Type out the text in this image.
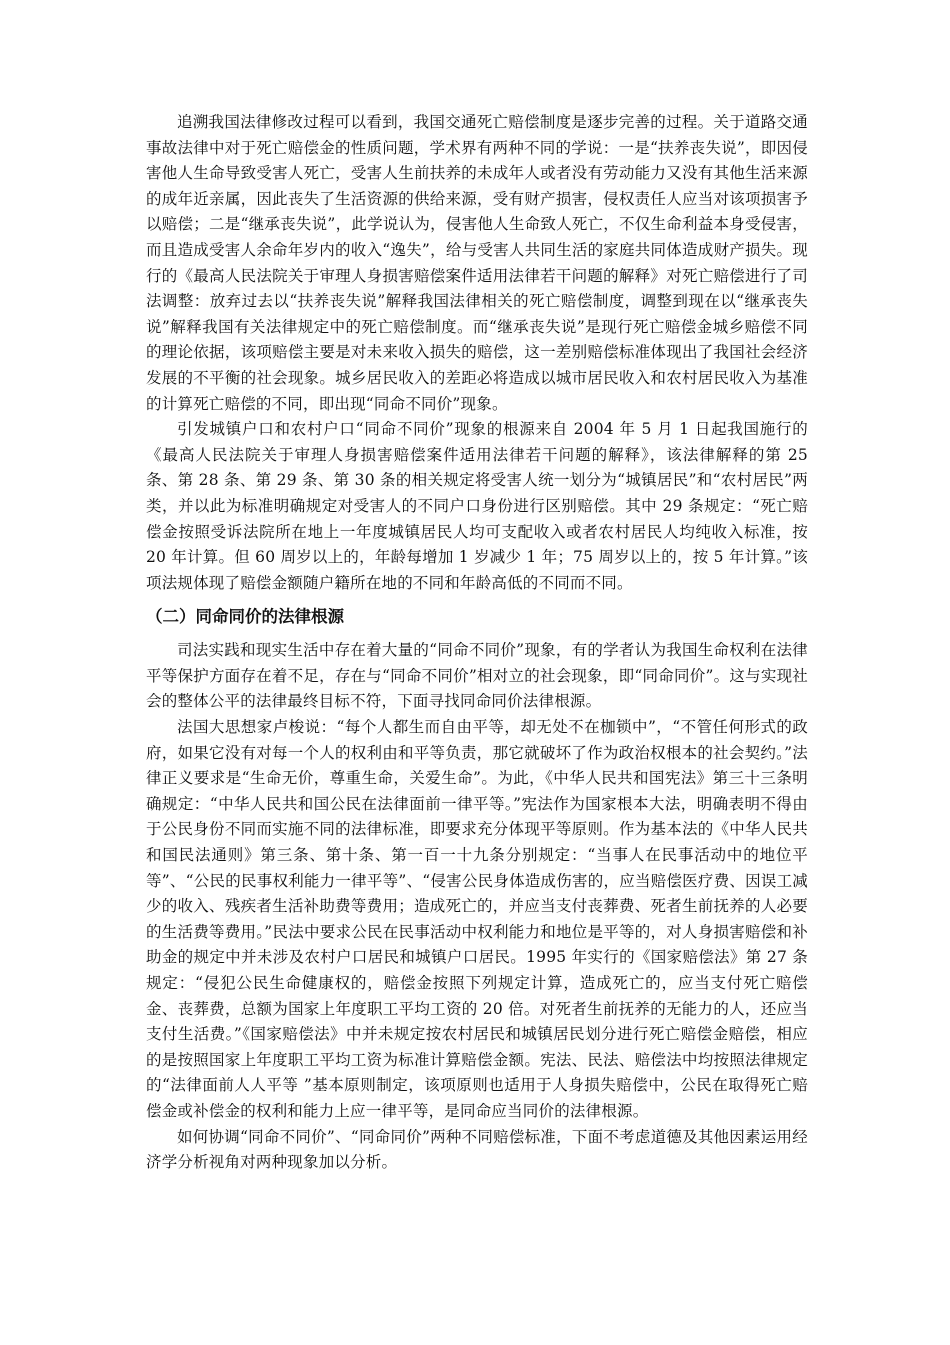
追溯我国法律修改过程可以看到，我国交通死亡赔偿制度是逐步完善的过程。关于道路交通事故法律中对于死亡赔偿金的性质问题，学术界有两种不同的学说：一是“扶养丧失说”，即因侵害他人生命导致受害人死亡，受害人生前扶养的未成年人或者没有劳动能力又没有其他生活来源的成年近亲属，因此丧失了生活资源的供给来源，受有财产损害，侵权责任人应当对该项损害予以赔偿；二是“继承丧失说”，此学说认为，侵害他人生命致人死亡，不仅生命利益本身受侵害，而且造成受害人余命年岁内的收入“逸失”，给与受害人共同生活的家庭共同体造成财产损失。现行的《最高人民法院关于审理人身损害赔偿案件适用法律若干问题的解释》对死亡赔偿进行了司法调整：放弃过去以“扶养丧失说”解释我国法律相关的死亡赔偿制度，调整到现在以“继承丧失说”解释我国有关法律规定中的死亡赔偿制度。而“继承丧失说”是现行死亡赔偿金城乡赔偿不同的理论依据，该项赔偿主要是对未来收入损失的赔偿，这一差别赔偿标准体现出了我国社会经济发展的不平衡的社会现象。城乡居民收入的差距必将造成以城市居民收入和农村居民收入为基准的计算死亡赔偿的不同，即出现“同命不同价”现象。

引发城镇户口和农村户口“同命不同价”现象的根源来自 2004 年 5 月 1 日起我国施行的《最高人民法院关于审理人身损害赔偿案件适用法律若干问题的解释》，该法律解释的第 25 条、第 28 条、第 29 条、第 30 条的相关规定将受害人统一划分为“城镇居民”和“农村居民”两类，并以此为标准明确规定对受害人的不同户口身份进行区别赔偿。其中 29 条规定：“死亡赔偿金按照受诉法院所在地上一年度城镇居民人均可支配收入或者农村居民人均纯收入标准，按 20 年计算。但 60 周岁以上的，年龄每增加 1 岁减少 1 年；75 周岁以上的，按 5 年计算。”该项法规体现了赔偿金额随户籍所在地的不同和年龄高低的不同而不同。

（二）同命同价的法律根源

司法实践和现实生活中存在着大量的“同命不同价”现象，有的学者认为我国生命权利在法律平等保护方面存在着不足，存在与“同命不同价”相对立的社会现象，即“同命同价”。这与实现社会的整体公平的法律最终目标不符，下面寻找同命同价法律根源。

法国大思想家卢梭说：“每个人都生而自由平等，却无处不在枷锁中”，“不管任何形式的政府，如果它没有对每一个人的权利由和平等负责，那它就破坏了作为政治权根本的社会契约。”法律正义要求是“生命无价，尊重生命，关爱生命”。为此，《中华人民共和国宪法》第三十三条明确规定：“中华人民共和国公民在法律面前一律平等。”宪法作为国家根本大法，明确表明不得由于公民身份不同而实施不同的法律标准，即要求充分体现平等原则。作为基本法的《中华人民共和国民法通则》第三条、第十条、第一百一十九条分别规定：“当事人在民事活动中的地位平等”、“公民的民事权利能力一律平等”、“侵害公民身体造成伤害的，应当赔偿医疗费、因误工减少的收入、残疾者生活补助费等费用；造成死亡的，并应当支付丧葬费、死者生前抚养的人必要的生活费等费用。”民法中要求公民在民事活动中权利能力和地位是平等的，对人身损害赔偿和补助金的规定中并未涉及农村户口居民和城镇户口居民。1995 年实行的《国家赔偿法》第 27 条规定：“侵犯公民生命健康权的，赔偿金按照下列规定计算，造成死亡的，应当支付死亡赔偿金、丧葬费，总额为国家上年度职工平均工资的 20 倍。对死者生前抚养的无能力的人，还应当支付生活费。”《国家赔偿法》中并未规定按农村居民和城镇居民划分进行死亡赔偿金赔偿，相应的是按照国家上年度职工平均工资为标准计算赔偿金额。宪法、民法、赔偿法中均按照法律规定的“法律面前人人平等 ”基本原则制定，该项原则也适用于人身损失赔偿中，公民在取得死亡赔偿金或补偿金的权利和能力上应一律平等，是同命应当同价的法律根源。

如何协调“同命不同价”、“同命同价”两种不同赔偿标准，下面不考虑道德及其他因素运用经济学分析视角对两种现象加以分析。
